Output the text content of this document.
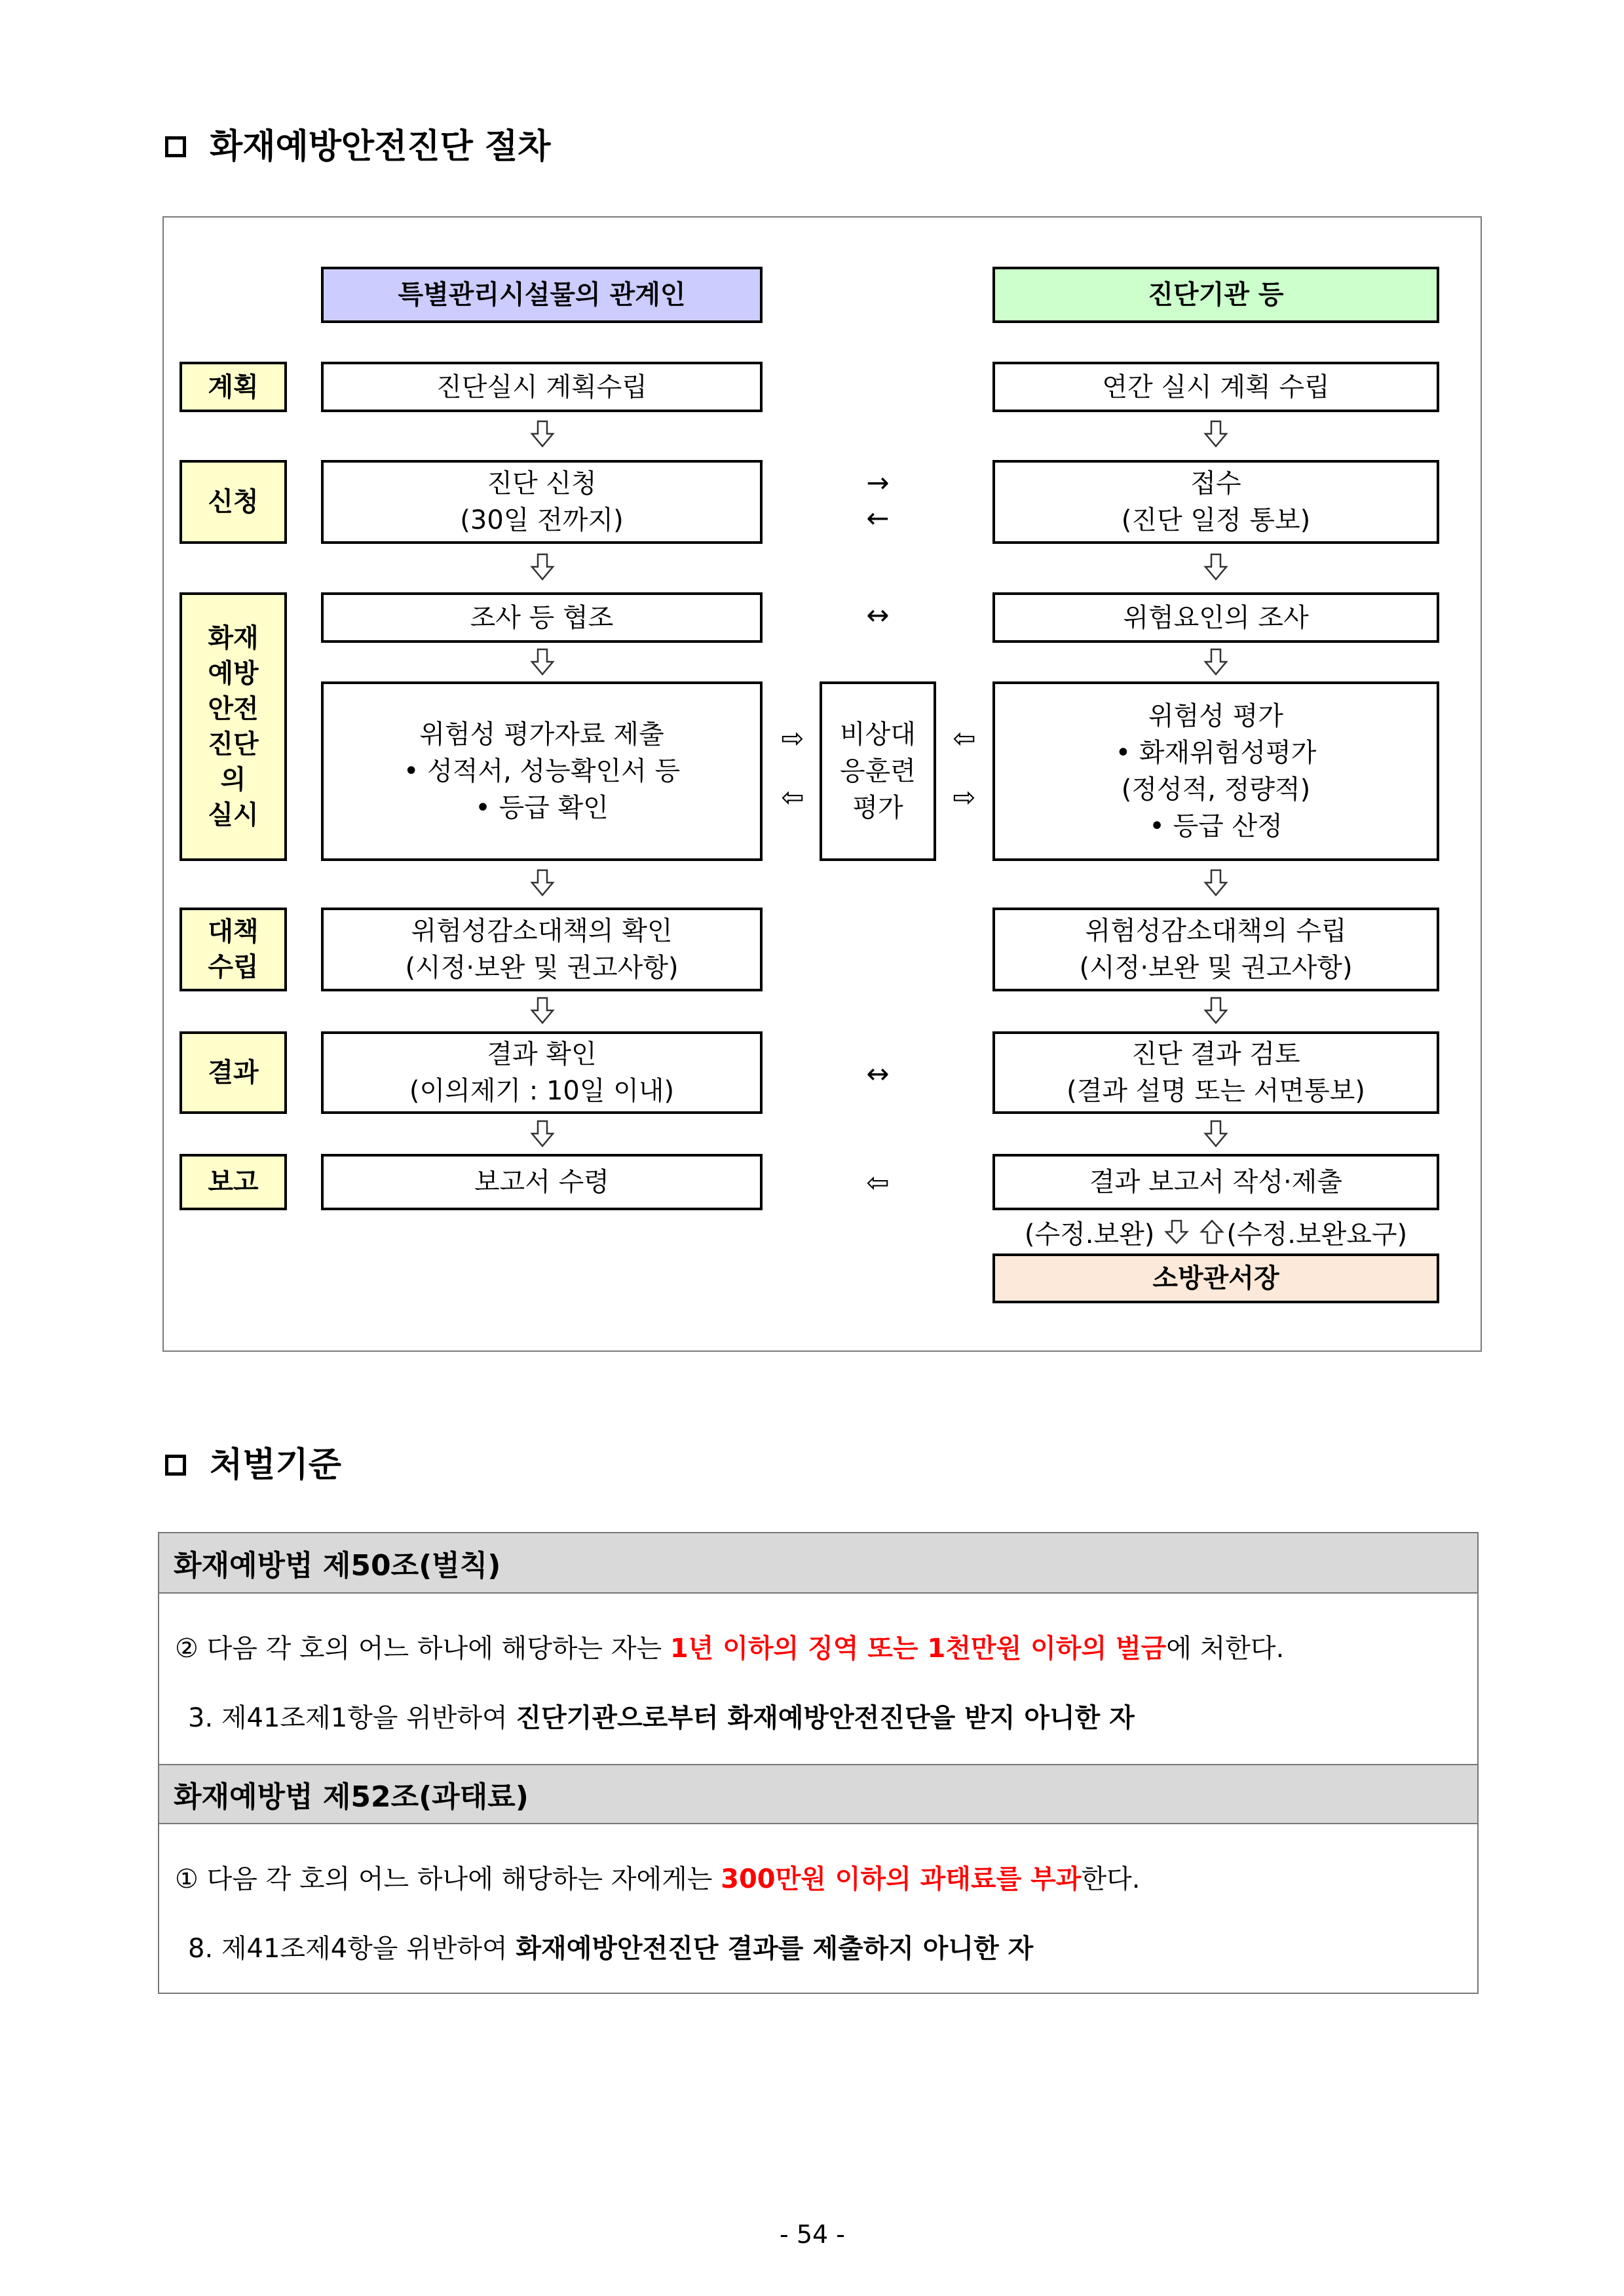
화재예방안전진단 절차
특별관리시설물의 관계인	진단기관 등
계획
신청
화재
예방
안전
진단
의
실시
대책
수립
결과
보고
진단실시 계획수립
진단 신청
(30일 전까지)
조사 등 협조
위험성 평가자료 제출
• 성적서, 성능확인서 등
• 등급 확인
위험성감소대책의 확인
(시정·보완 및 권고사항)
결과 확인
(이의제기 : 10일 이내)
보고서 수령
비상대
응훈련
평가
→
←
↔
⇨
⇦
⇦
⇨
↔
⇦
연간 실시 계획 수립
접수
(진단 일정 통보)
위험요인의 조사
위험성 평가
• 화재위험성평가
(정성적, 정량적)
• 등급 산정
위험성감소대책의 수립
(시정·보완 및 권고사항)
진단 결과 검토
(결과 설명 또는 서면통보)
결과 보고서 작성·제출
(수정.보완)	(수정.보완요구)
소방관서장
처벌기준
화재예방법 제50조(벌칙)
② 다음 각 호의 어느 하나에 해당하는 자는 1년 이하의 징역 또는 1천만원 이하의 벌금에 처한다.
3. 제41조제1항을 위반하여 진단기관으로부터 화재예방안전진단을 받지 아니한 자
화재예방법 제52조(과태료)
① 다음 각 호의 어느 하나에 해당하는 자에게는 300만원 이하의 과태료를 부과한다.
8. 제41조제4항을 위반하여 화재예방안전진단 결과를 제출하지 아니한 자
- 54 -
